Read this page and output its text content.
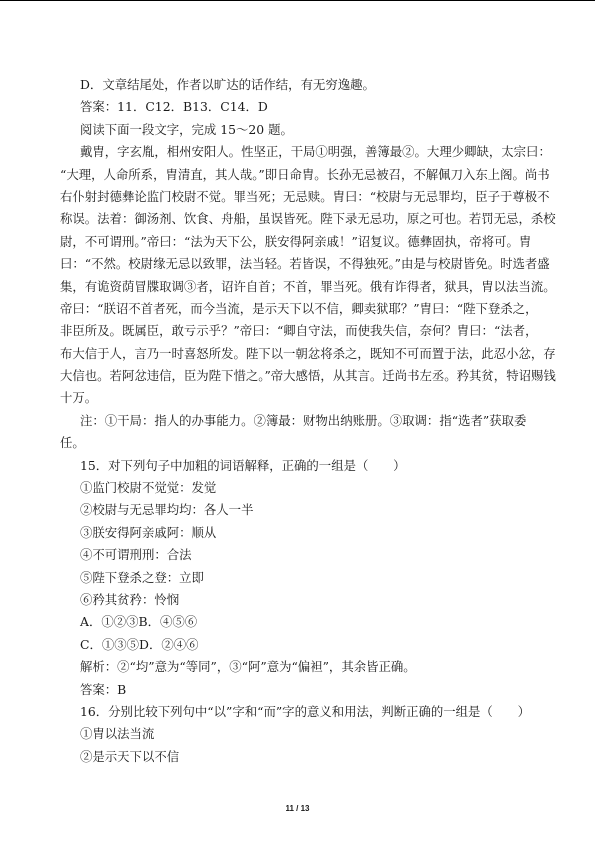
D．文章结尾处，作者以旷达的话作结，有无穷逸趣。
答案：11．C12．B13．C14．D
阅读下面一段文字，完成 15～20 题。
戴胄，字玄胤，相州安阳人。性坚正，干局①明强，善簿最②。大理少卿缺，太宗曰：
“大理，人命所系，胄清直，其人哉。”即日命胄。长孙无忌被召，不解佩刀入东上阁。尚书
右仆射封德彝论监门校尉不觉。罪当死；无忌赎。胄曰：“校尉与无忌罪均，臣子于尊极不
称误。法着：御汤剂、饮食、舟船，虽误皆死。陛下录无忌功，原之可也。若罚无忌，杀校
尉，不可谓刑。”帝曰：“法为天下公，朕安得阿亲戚！”诏复议。德彝固执，帝将可。胄
曰：“不然。校尉缘无忌以致罪，法当轻。若皆误，不得独死。”由是与校尉皆免。时选者盛
集，有诡资荫冒牒取调③者，诏许自首；不首，罪当死。俄有诈得者，狱具，胄以法当流。
帝曰：“朕诏不首者死，而今当流，是示天下以不信，卿卖狱耶？”胄曰：“陛下登杀之，
非臣所及。既属臣，敢亏示乎？”帝曰：“卿自守法，而使我失信，奈何？胄曰：“法者，
布大信于人，言乃一时喜怒所发。陛下以一朝忿将杀之，既知不可而置于法，此忍小忿，存
大信也。若阿忿违信，臣为陛下惜之。”帝大感悟，从其言。迁尚书左丞。矜其贫，特诏赐钱
十万。
注：①干局：指人的办事能力。②簿最：财物出纳账册。③取调：指“选者”获取委
任。
15．对下列句子中加粗的词语解释，正确的一组是（　　）
①监门校尉不觉觉：发觉
②校尉与无忌罪均均：各人一半
③朕安得阿亲戚阿：顺从
④不可谓刑刑：合法
⑤陛下登杀之登：立即
⑥矜其贫矜：怜悯
A．①②③B．④⑤⑥
C．①③⑤D．②④⑥
解析：②“均”意为“等同”，③“阿”意为“偏袒”，其余皆正确。
答案：B
16．分别比较下列句中“以”字和“而”字的意义和用法，判断正确的一组是（　　）
①胄以法当流
②是示天下以不信
11 / 13
